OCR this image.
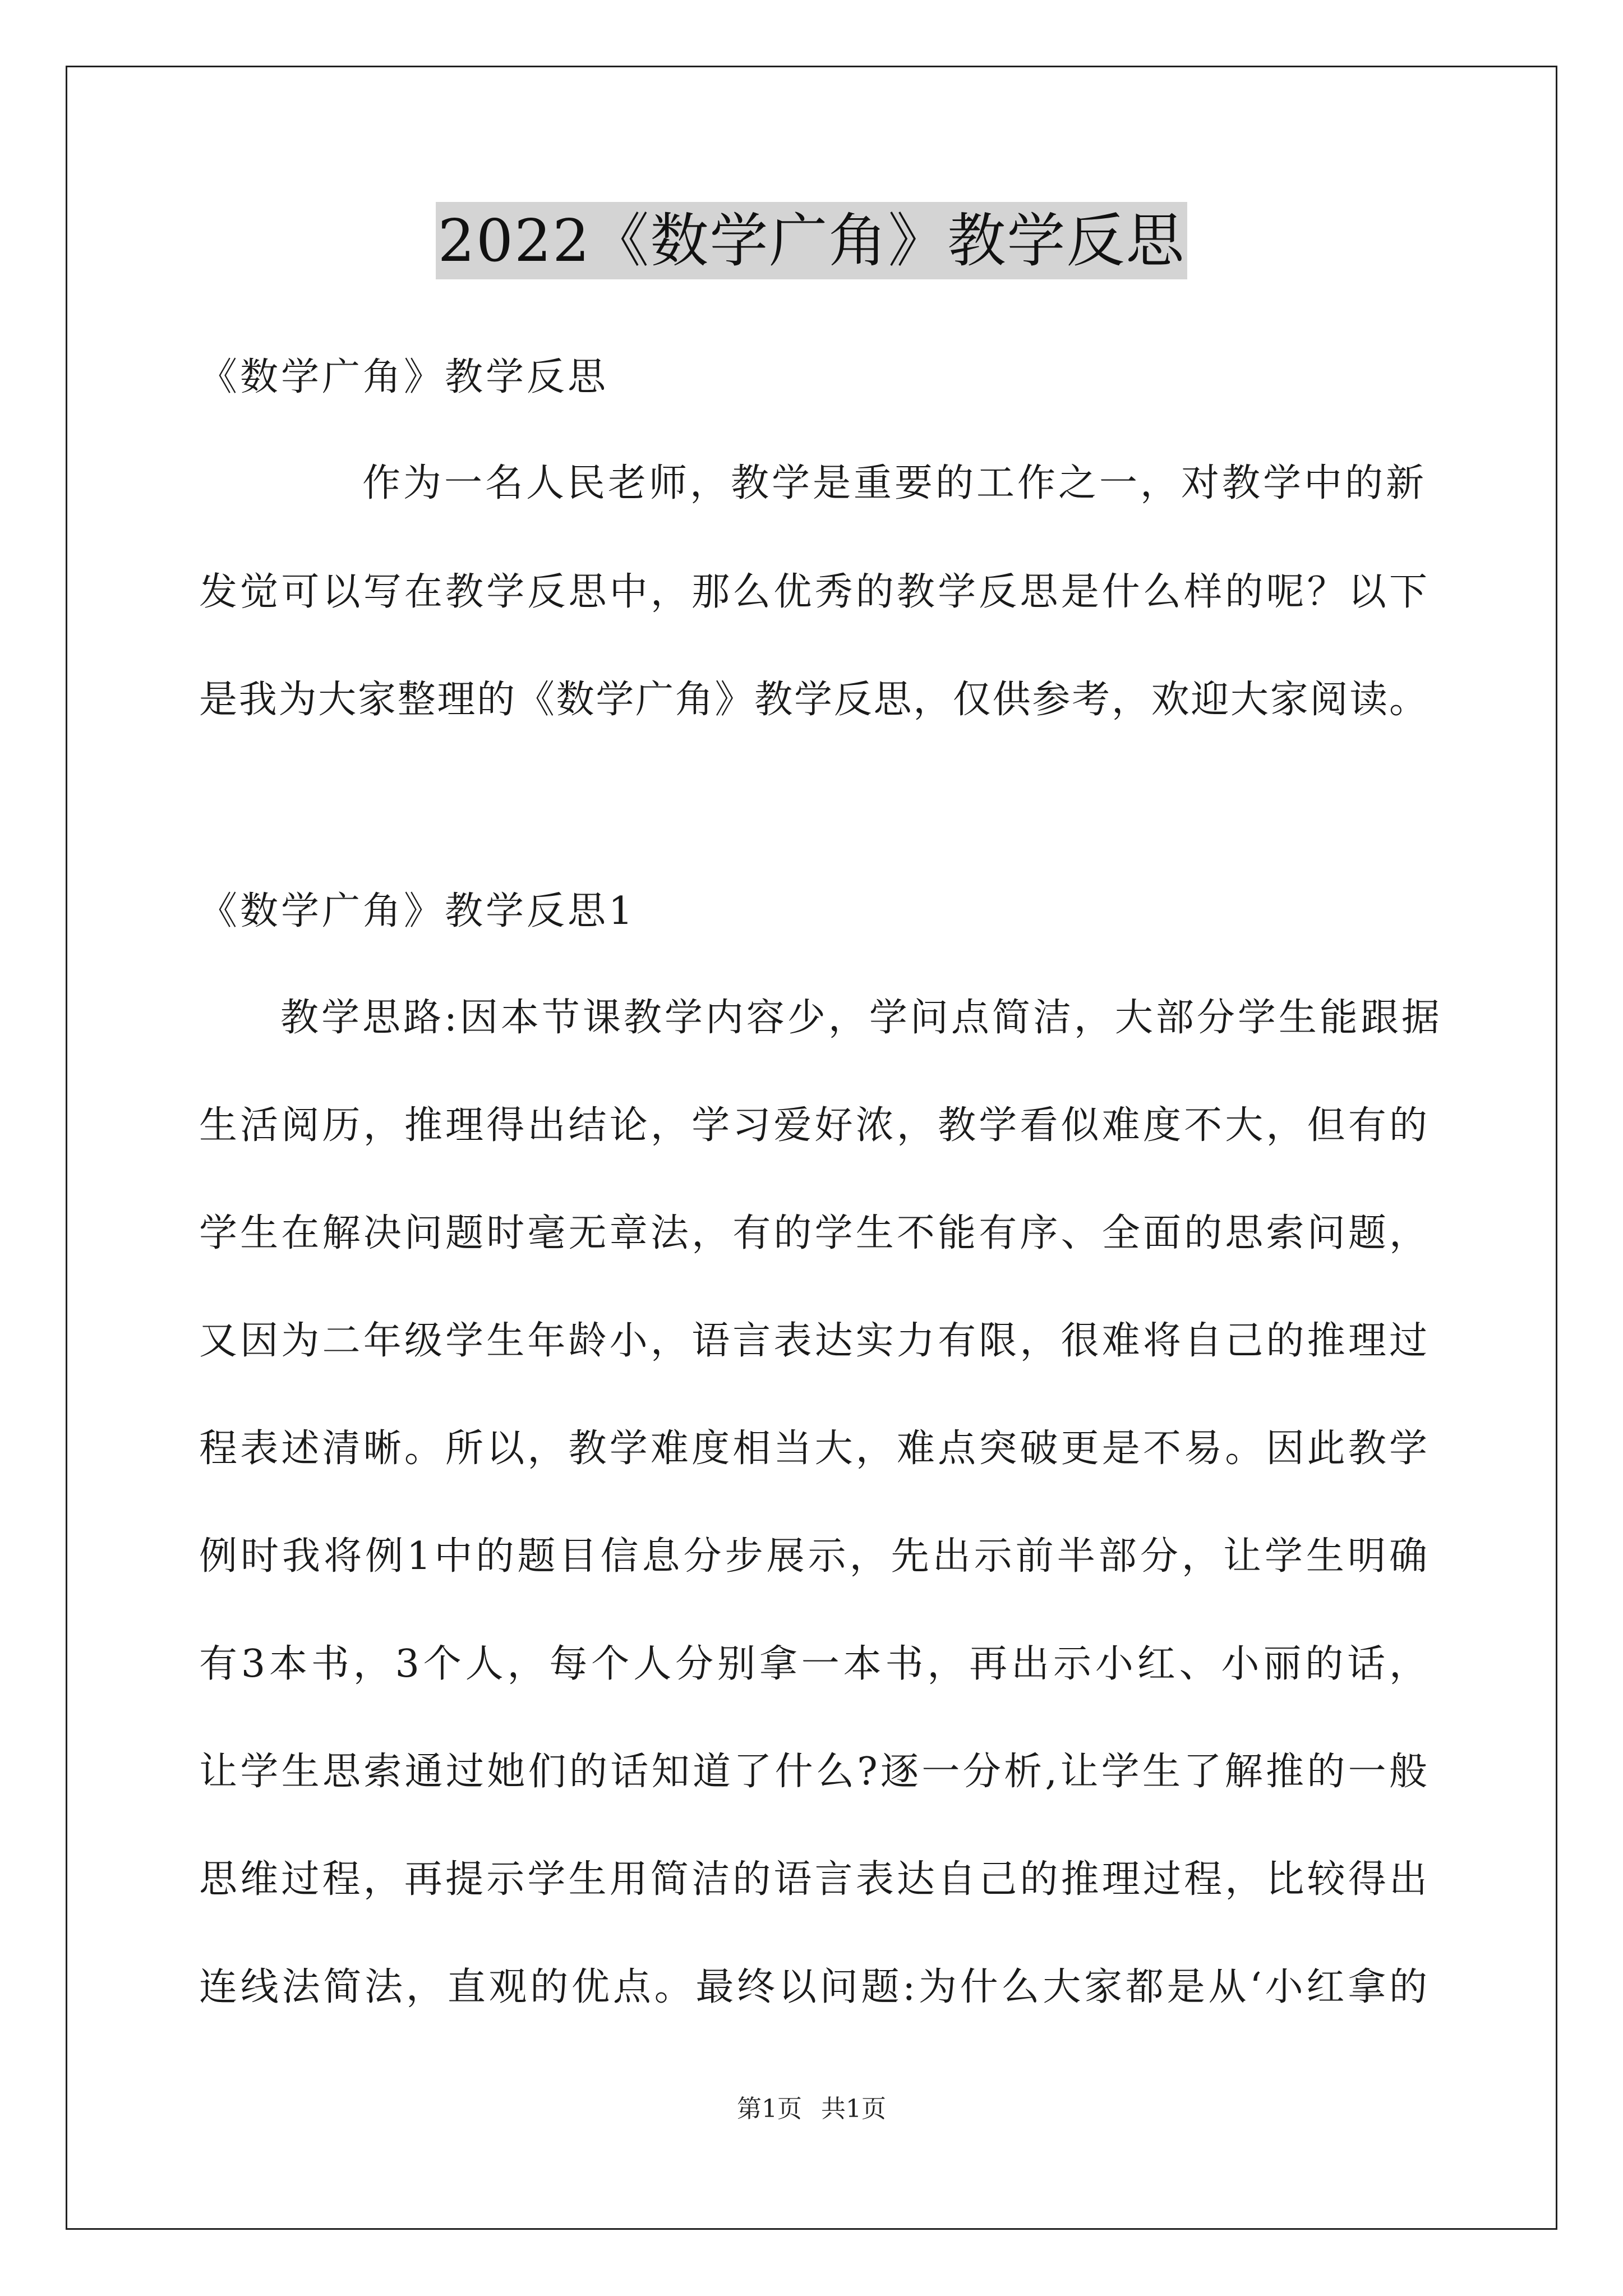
2022《数学广角》教学反思
《数学广角》教学反思
作为一名人民老师，教学是重要的工作之一，对教学中的新
发觉可以写在教学反思中，那么优秀的教学反思是什么样的呢？以下
是我为大家整理的《数学广角》教学反思，仅供参考，欢迎大家阅读。
《数学广角》教学反思1
教学思路:因本节课教学内容少，学问点简洁，大部分学生能跟据
生活阅历，推理得出结论，学习爱好浓，教学看似难度不大，但有的
学生在解决问题时毫无章法，有的学生不能有序、全面的思索问题，
又因为二年级学生年龄小，语言表达实力有限，很难将自己的推理过
程表述清晰。所以，教学难度相当大，难点突破更是不易。因此教学
例时我将例1中的题目信息分步展示，先出示前半部分，让学生明确
有3本书，3个人，每个人分别拿一本书，再出示小红、小丽的话，
让学生思索通过她们的话知道了什么?逐一分析,让学生了解推的一般
思维过程，再提示学生用简洁的语言表达自己的推理过程，比较得出
连线法简法，直观的优点。最终以问题:为什么大家都是从‘小红拿的
第1页 共1页
